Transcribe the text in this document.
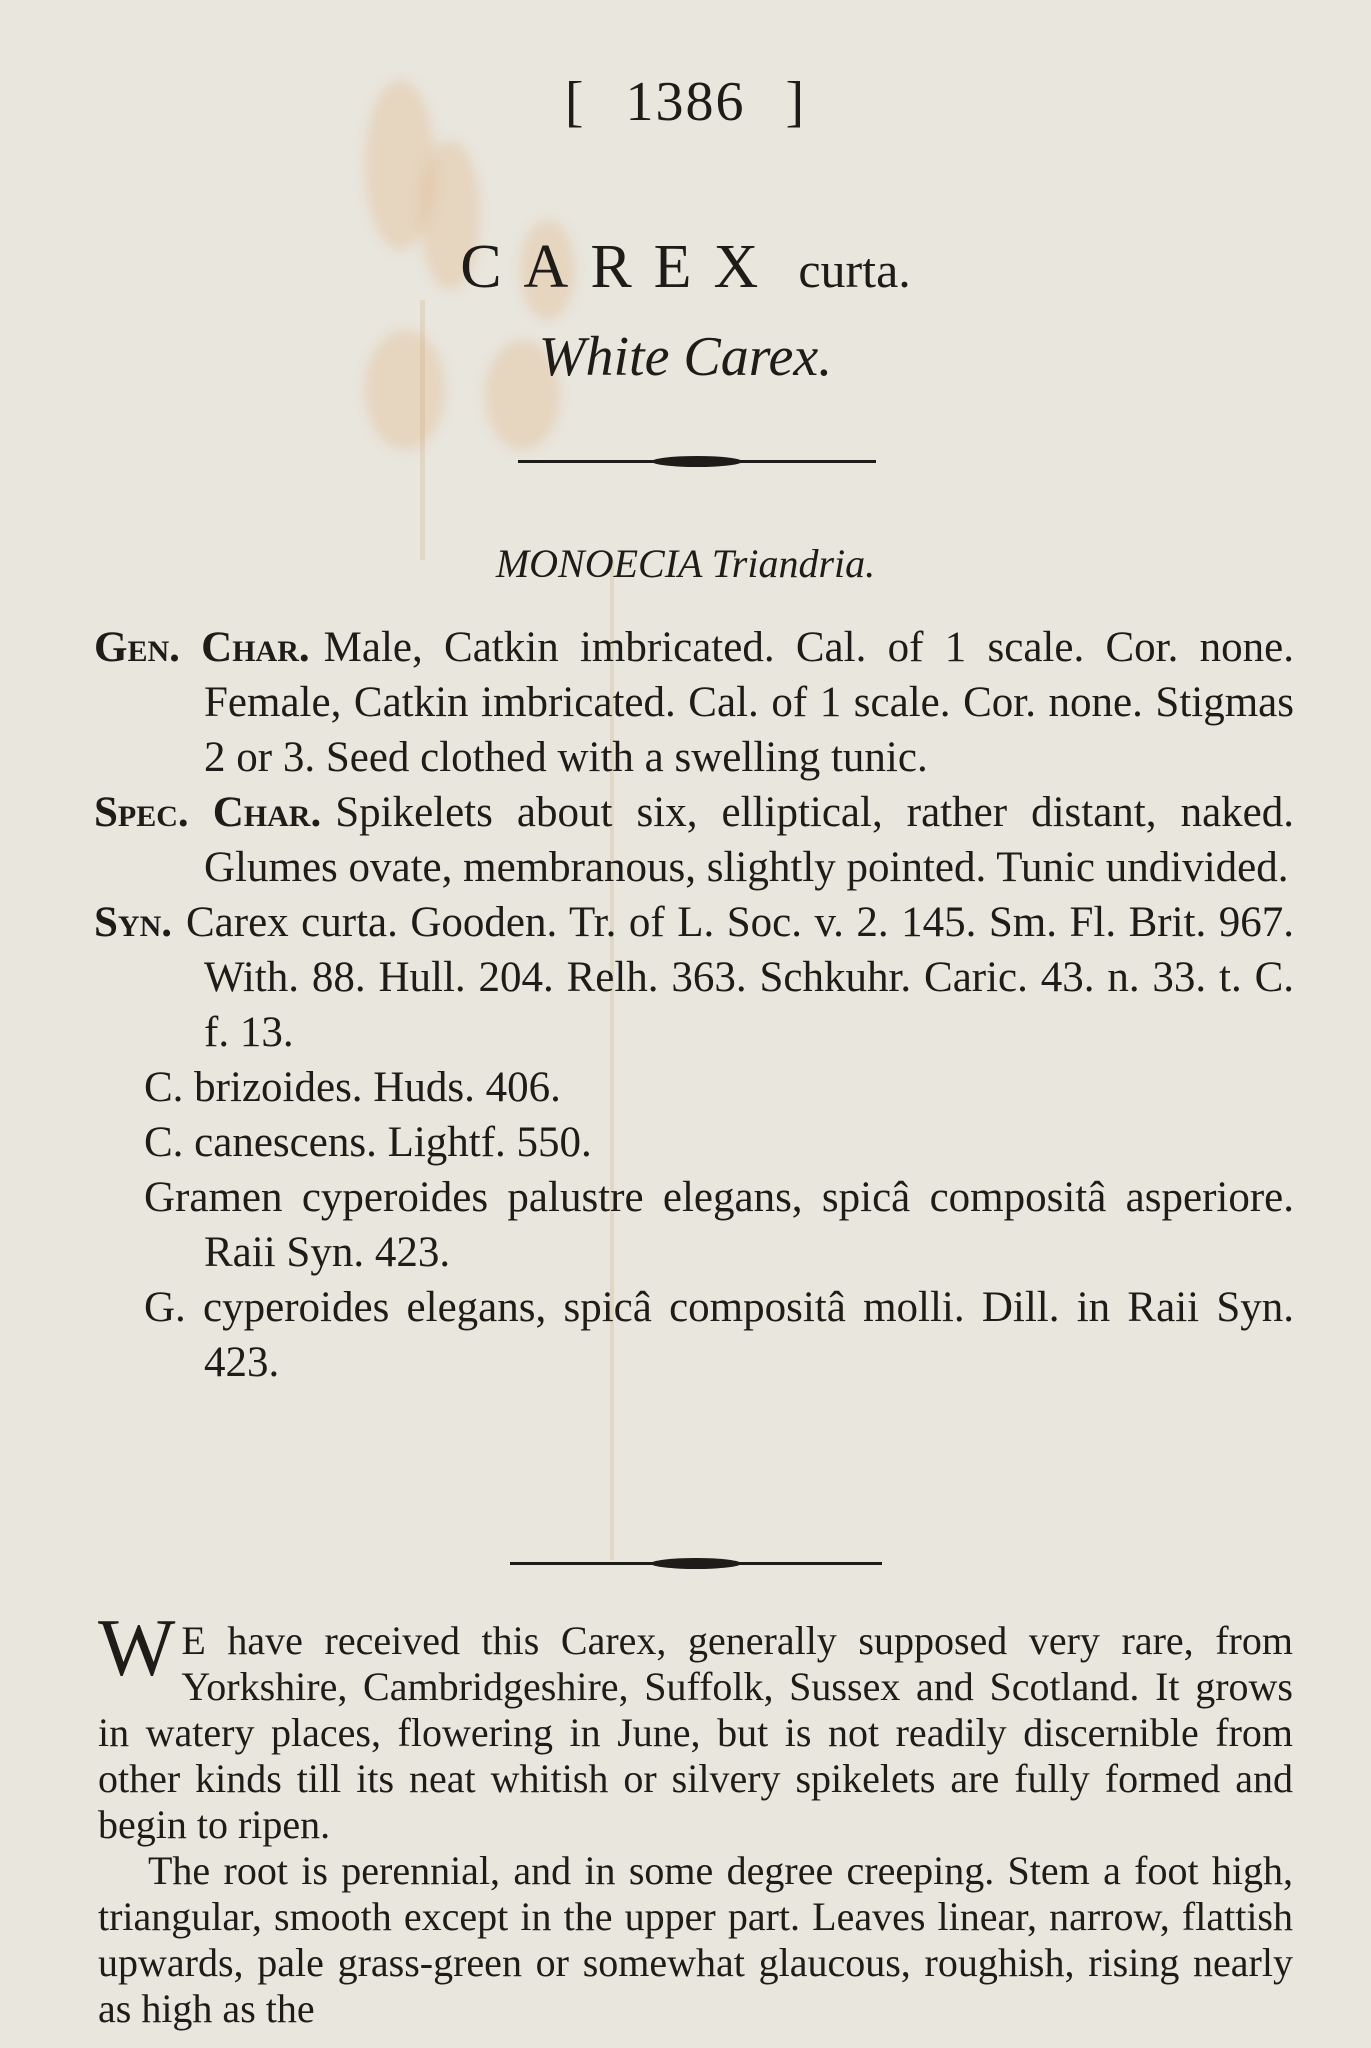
[ 1386 ]
CAREX curta.
White Carex.
MONOECIA Triandria.
Gen. Char. Male, Catkin imbricated. Cal. of 1 scale. Cor. none. Female, Catkin imbricated. Cal. of 1 scale. Cor. none. Stigmas 2 or 3. Seed clothed with a swelling tunic.
Spec. Char. Spikelets about six, elliptical, rather distant, naked. Glumes ovate, membranous, slightly pointed. Tunic undivided.
Syn. Carex curta. Gooden. Tr. of L. Soc. v. 2. 145. Sm. Fl. Brit. 967. With. 88. Hull. 204. Relh. 363. Schkuhr. Caric. 43. n. 33. t. C. f. 13.
C. brizoides. Huds. 406.
C. canescens. Lightf. 550.
Gramen cyperoides palustre elegans, spicâ compositâ asperiore. Raii Syn. 423.
G. cyperoides elegans, spicâ compositâ molli. Dill. in Raii Syn. 423.

W E have received this Carex, generally supposed very rare, from Yorkshire, Cambridgeshire, Suffolk, Sussex and Scotland. It grows in watery places, flowering in June, but is not readily discernible from other kinds till its neat whitish or silvery spikelets are fully formed and begin to ripen.

The root is perennial, and in some degree creeping. Stem a foot high, triangular, smooth except in the upper part. Leaves linear, narrow, flattish upwards, pale grass-green or somewhat glaucous, roughish, rising nearly as high as the
